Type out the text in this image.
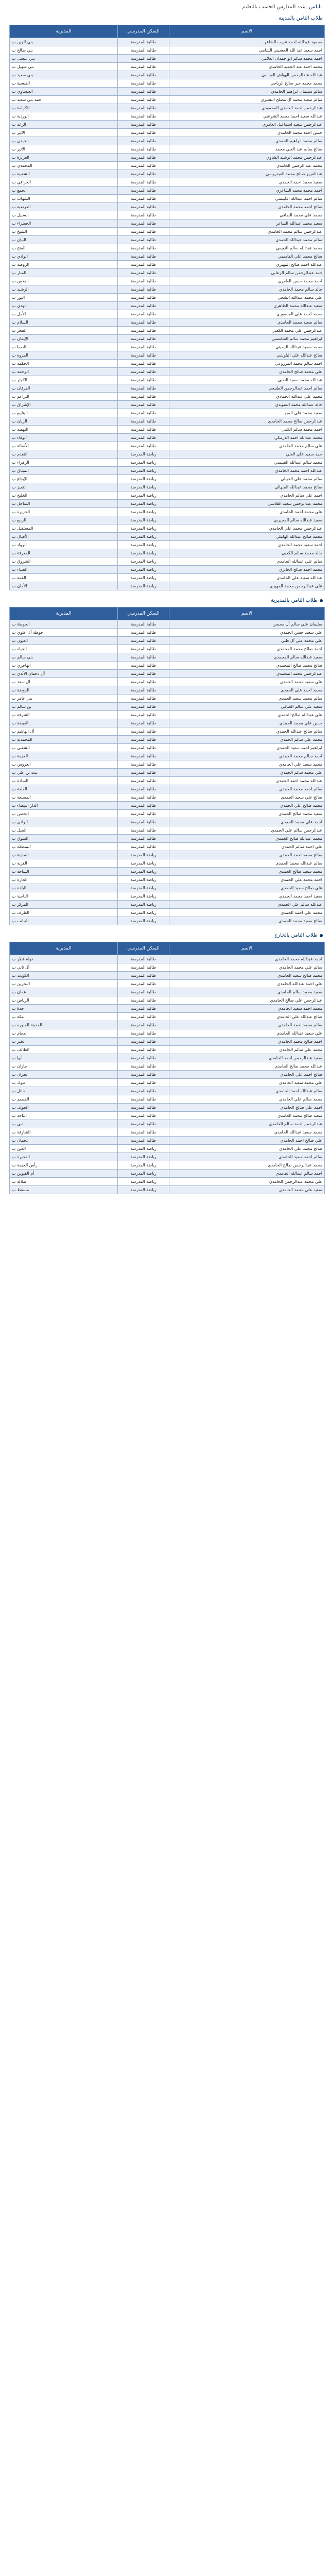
نابلس عدد المدارس الحسب بالتعليم
طلاب الثامن بالمدينة
الاسم	السكن المدرسي	المديرية
محمود عبدالله احمد غريب الشاعر	طالبة المدرسة	بني الوين ب
احمد سعيد عبد الله الحسيني الشامي	طالبة المدرسة	بني صالح ب
احمد محمد سالم ابو حمدان العلامي	طالبة المدرسة	بني عيسى ب
محمد احمد عبد الحميد الحامدي	طالبة المدرسة	بني شهيل ب
عبدالله عبدالرحمن الهواش العباسي	طالبة المدرسة	بني سعيد ب
محمد محمد حبر صالح الرياحي	طالبة المدرسة	القيسية ب
سالم سليمان ابراهيم الحامدي	طالبة المدرسة	العيساوي ب
سالم سعيد محمد آل مصلح البشيري	طالبة المدرسة	حمد بني سعيد ب
عبدالرحمن احمد الحمدي المحمودي	طالبة المدرسة	الكرامة ب
عبدالله سعيد احمد محمد الشرعبي	طالبة المدرسة	الوردية ب
عبدالرحمن سعيد اسماعيل العامري	طالبة المدرسة	الزايد ب
حسن احمد محمد الحامدي	طالبة المدرسة	الاثير ب
سالم محمد ابراهيم الحمدي	طالبة المدرسة	الحيدي ب
صالح سالم عبد الغني محمد	طالبة المدرسة	الاثير ب
عبدالرحمن محمد الرشيد الشاوي	طالبة المدرسة	العزيزة ب
محمد عبد الرحمن الحامدي	طالبة المدرسة	المحمدي ب
عبدالعزيز صالح محمد العيدروسي	طالبة المدرسة	الشعبية ب
سعيد محمد احمد الحمدي	طالبة المدرسة	الجرافي ب
احمد محمد محمد الشاعري	طالبة المدرسة	الجمع ب
سالم احمد عبدالله الكبيسي	طالبة المدرسة	الشهاب ب
صالح احمد محمد الحامدي	طالبة المدرسة	العرضية ب
محمد علي محمد الصافي	طالبة المدرسة	السبيل ب
سعيد محمد عبدالله الشاعر	طالبة المدرسة	الخضراء ب
عبدالرحمن سالم محمد الحامدي	طالبة المدرسة	الشيخ ب
سالم محمد عبدالله الحمدي	طالبة المدرسة	البيان ب
محمد عبدالله سالم النعيمي	طالبة المدرسة	الفتح ب
صالح محمد علي القاسمي	طالبة المدرسة	الوادي ب
عبدالله احمد صالح المهيري	طالبة المدرسة	الروضة ب
حمد عبدالرحمن سالم الزعابي	طالبة المدرسة	المنار ب
احمد محمد حسن العامري	طالبة المدرسة	القدس ب
خالد سالم محمد الحامدي	طالبة المدرسة	الرشيد ب
علي محمد عبدالله الشحي	طالبة المدرسة	النور ب
سعيد عبدالله محمد الظاهري	طالبة المدرسة	الهدى ب
محمد احمد علي المنصوري	طالبة المدرسة	الأمل ب
سالم سعيد محمد الحامدي	طالبة المدرسة	السلام ب
عبدالرحمن علي محمد الكعبي	طالبة المدرسة	الفجر ب
ابراهيم محمد سالم الشامسي	طالبة المدرسة	الإيمان ب
محمد سعيد عبدالله الرميثي	طالبة المدرسة	الصفا ب
صالح عبدالله علي البلوشي	طالبة المدرسة	المروة ب
احمد سالم محمد المزروعي	طالبة المدرسة	الحكمة ب
علي محمد صالح الحامدي	طالبة المدرسة	الرحمة ب
عبدالله محمد سعيد النقبي	طالبة المدرسة	الكوثر ب
سالم احمد عبدالرحمن الطنيجي	طالبة المدرسة	الفرقان ب
محمد علي عبدالله الحمادي	طالبة المدرسة	البراعم ب
خالد عبدالله محمد السويدي	طالبة المدرسة	الإشراق ب
سعيد محمد علي المرر	طالبة المدرسة	الينابيع ب
عبدالرحمن صالح محمد الحامدي	طالبة المدرسة	الريان ب
احمد محمد سالم الكتبي	طالبة المدرسة	النهضة ب
محمد عبدالله احمد الدرمكي	طالبة المدرسة	الوفاء ب
علي سالم محمد الحامدي	طالبة المدرسة	الأصالة ب
حمد سعيد علي العلي	رياضة المدرسة	التقدم ب
محمد سالم عبدالله القبيسي	رياضة المدرسة	الزهراء ب
عبدالله احمد محمد الحامدي	رياضة المدرسة	الميثاق ب
سالم محمد علي الخييلي	رياضة المدرسة	الإبداع ب
صالح محمد عبدالله المنهالي	رياضة المدرسة	التميز ب
احمد علي سالم الحامدي	رياضة المدرسة	الخليج ب
محمد عبدالرحمن سعيد الفلاسي	رياضة المدرسة	الساحل ب
علي محمد احمد الحامدي	رياضة المدرسة	الجزيرة ب
سعيد عبدالله سالم المحيربي	رياضة المدرسة	الربيع ب
عبدالرحمن محمد علي الحامدي	رياضة المدرسة	المستقبل ب
محمد صالح عبدالله الهاملي	رياضة المدرسة	الأجيال ب
احمد سعيد محمد الحامدي	رياضة المدرسة	الرواد ب
خالد محمد سالم الكعبي	رياضة المدرسة	المعرفة ب
سالم علي عبدالله الحامدي	رياضة المدرسة	الشروق ب
محمد احمد صالح الجابري	رياضة المدرسة	الضياء ب
عبدالله سعيد علي الحامدي	رياضة المدرسة	القمة ب
علي عبدالرحمن محمد المهيري	رياضة المدرسة	الأمان ب
طلاب الثامن بالمديرية
الاسم	السكن المدرسي	المديرية
سليمان علي سالم آل محسن	طالبة المدرسة	الحوطة ب
علي سعيد حسن الحمدي	طالبة المدرسة	حوطة آل علوي ب
علي محمد علي آل طبي	طالبة المدرسة	العيون ب
احمد صالح محمد المحمدي	طالبة المدرسة	الحياة ب
سعيد عبدالله سالم المحمدي	طالبة المدرسة	بني سالم ب
صالح محمد صالح المحمدي	طالبة المدرسة	الهاجري ب
عبدالرحمن محمد المحمدي	طالبة المدرسة	آل دحمان الأبدي ب
علي سعيد محمد الحمدي	طالبة المدرسة	آل سعد ب
محمد احمد علي الحمدي	طالبة المدرسة	الروضة ب
سالم محمد سعيد الحمدي	طالبة المدرسة	بني عامر ب
سعيد علي سالم الصافي	طالبة المدرسة	بن سالم ب
علي عبدالله صالح الحمدي	طالبة المدرسة	الشرفة ب
حسن علي محمد الحمدي	طالبة المدرسة	الغيضة ب
سالم صالح عبدالله الحمدي	طالبة المدرسة	آل الهاشم ب
محمد علي سالم الحمدي	طالبة المدرسة	المحمدية ب
ابراهيم احمد سعيد الحمدي	طالبة المدرسة	الشعبي ب
احمد سالم محمد الحمدي	طالبة المدرسة	الحيمة ب
محمد سعيد علي الحامدي	طالبة المدرسة	العروس ب
علي محمد سالم الحمدي	طالبة المدرسة	بيت بن علي ب
عبدالله محمد احمد الحمدي	طالبة المدرسة	السادة ب
سالم احمد محمد الحمدي	طالبة المدرسة	القلعة ب
صالح علي سعيد الحمدي	طالبة المدرسة	المصنعة ب
محمد صالح علي الحمدي	طالبة المدرسة	الدار البيضاء ب
سعيد محمد صالح الحمدي	طالبة المدرسة	الحصن ب
احمد علي محمد الحمدي	طالبة المدرسة	الوادي ب
عبدالرحمن سالم علي الحمدي	طالبة المدرسة	الجبل ب
محمد عبدالله صالح الحمدي	طالبة المدرسة	السوق ب
علي احمد سالم الحمدي	طالبة المدرسة	المنطقة ب
صالح محمد احمد الحمدي	رياضة المدرسة	المدينة ب
سالم عبدالله محمد الحمدي	رياضة المدرسة	القرية ب
محمد سعيد صالح الحمدي	رياضة المدرسة	الساحة ب
احمد محمد علي الحمدي	رياضة المدرسة	الحارة ب
علي صالح سعيد الحمدي	رياضة المدرسة	البلدة ب
سعيد احمد محمد الحمدي	رياضة المدرسة	الناحية ب
عبدالله سالم علي الحمدي	رياضة المدرسة	المركز ب
محمد علي احمد الحمدي	رياضة المدرسة	الطرف ب
صالح سعيد محمد الحمدي	رياضة المدرسة	الجانب ب
طلاب الثامن بالخارج
الاسم	السكن المدرسي	المديرية
احمد عبدالله محمد الحامدي	طالبة المدرسة	دولة قطر ب
سالم علي محمد الحامدي	طالبة المدرسة	آل ثاني ب
محمد صالح سعيد الحامدي	طالبة المدرسة	الكويت ب
علي احمد عبدالله الحامدي	طالبة المدرسة	البحرين ب
سعيد محمد سالم الحامدي	طالبة المدرسة	عمان ب
عبدالرحمن علي صالح الحامدي	طالبة المدرسة	الرياض ب
محمد احمد سعيد الحامدي	طالبة المدرسة	جدة ب
صالح عبدالله علي الحامدي	طالبة المدرسة	مكة ب
سالم محمد احمد الحامدي	طالبة المدرسة	المدينة المنورة ب
علي سعيد عبدالله الحامدي	طالبة المدرسة	الدمام ب
احمد صالح محمد الحامدي	طالبة المدرسة	الخبر ب
محمد علي سالم الحامدي	طالبة المدرسة	الطائف ب
سعيد عبدالرحمن احمد الحامدي	طالبة المدرسة	أبها ب
عبدالله محمد صالح الحامدي	طالبة المدرسة	جازان ب
صالح احمد علي الحامدي	طالبة المدرسة	نجران ب
علي محمد سعيد الحامدي	طالبة المدرسة	تبوك ب
سالم عبدالله احمد الحامدي	طالبة المدرسة	حائل ب
محمد سالم علي الحامدي	طالبة المدرسة	القصيم ب
احمد علي صالح الحامدي	طالبة المدرسة	الجوف ب
سعيد صالح محمد الحامدي	طالبة المدرسة	الباحة ب
عبدالرحمن احمد سالم الحامدي	طالبة المدرسة	دبي ب
محمد سعيد عبدالله الحامدي	طالبة المدرسة	الشارقة ب
علي صالح احمد الحامدي	طالبة المدرسة	عجمان ب
صالح محمد علي الحامدي	رياضة المدرسة	العين ب
سالم احمد سعيد الحامدي	رياضة المدرسة	الفجيرة ب
محمد عبدالرحمن صالح الحامدي	رياضة المدرسة	رأس الخيمة ب
احمد سالم عبدالله الحامدي	رياضة المدرسة	أم القيوين ب
علي محمد عبدالرحمن الحامدي	رياضة المدرسة	صلالة ب
سعيد علي محمد الحامدي	رياضة المدرسة	مسقط ب
